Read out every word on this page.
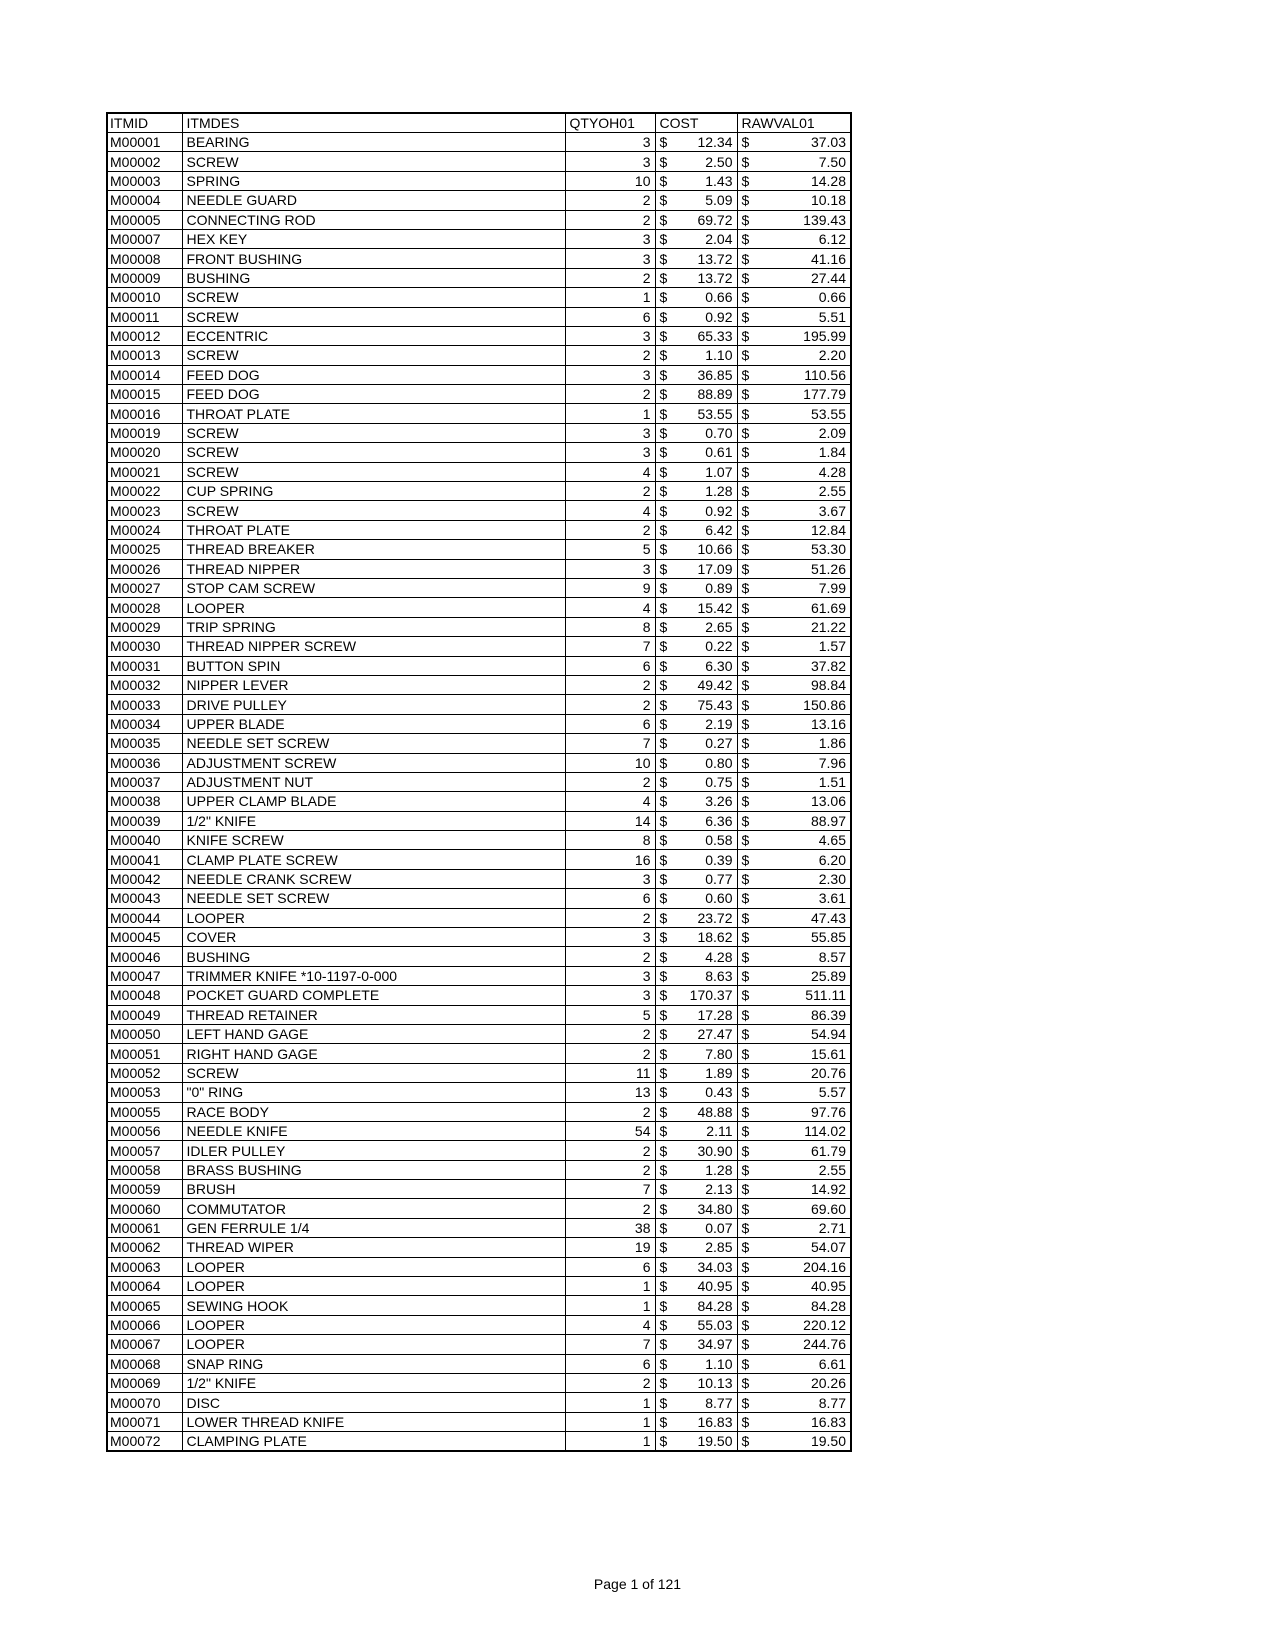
ITMID	ITMDES	QTYOH01	COST	RAWVAL01
M00001	BEARING	3	$ 12.34	$ 37.03

M00002	SCREW	3	$ 2.50	$ 7.50

M00003	SPRING	10	$ 1.43	$ 14.28

M00004	NEEDLE GUARD	2	$ 5.09	$ 10.18

M00005	CONNECTING ROD	2	$ 69.72	$ 139.43

M00007	HEX KEY	3	$ 2.04	$ 6.12

M00008	FRONT BUSHING	3	$ 13.72	$ 41.16

M00009	BUSHING	2	$ 13.72	$ 27.44

M00010	SCREW	1	$ 0.66	$ 0.66

M00011	SCREW	6	$ 0.92	$ 5.51

M00012	ECCENTRIC	3	$ 65.33	$ 195.99

M00013	SCREW	2	$ 1.10	$ 2.20

M00014	FEED DOG	3	$ 36.85	$ 110.56

M00015	FEED DOG	2	$ 88.89	$ 177.79

M00016	THROAT PLATE	1	$ 53.55	$ 53.55

M00019	SCREW	3	$ 0.70	$ 2.09

M00020	SCREW	3	$ 0.61	$ 1.84

M00021	SCREW	4	$ 1.07	$ 4.28

M00022	CUP SPRING	2	$ 1.28	$ 2.55

M00023	SCREW	4	$ 0.92	$ 3.67

M00024	THROAT PLATE	2	$ 6.42	$ 12.84

M00025	THREAD BREAKER	5	$ 10.66	$ 53.30

M00026	THREAD NIPPER	3	$ 17.09	$ 51.26

M00027	STOP CAM SCREW	9	$ 0.89	$ 7.99

M00028	LOOPER	4	$ 15.42	$ 61.69

M00029	TRIP SPRING	8	$ 2.65	$ 21.22

M00030	THREAD NIPPER SCREW	7	$ 0.22	$ 1.57

M00031	BUTTON SPIN	6	$ 6.30	$ 37.82

M00032	NIPPER LEVER	2	$ 49.42	$ 98.84

M00033	DRIVE PULLEY	2	$ 75.43	$ 150.86

M00034	UPPER BLADE	6	$ 2.19	$ 13.16

M00035	NEEDLE SET SCREW	7	$ 0.27	$ 1.86

M00036	ADJUSTMENT SCREW	10	$ 0.80	$ 7.96

M00037	ADJUSTMENT NUT	2	$ 0.75	$ 1.51

M00038	UPPER CLAMP BLADE	4	$ 3.26	$ 13.06

M00039	1/2" KNIFE	14	$ 6.36	$ 88.97

M00040	KNIFE SCREW	8	$ 0.58	$ 4.65

M00041	CLAMP PLATE SCREW	16	$ 0.39	$ 6.20

M00042	NEEDLE CRANK SCREW	3	$ 0.77	$ 2.30

M00043	NEEDLE SET SCREW	6	$ 0.60	$ 3.61

M00044	LOOPER	2	$ 23.72	$ 47.43

M00045	COVER	3	$ 18.62	$ 55.85

M00046	BUSHING	2	$ 4.28	$ 8.57

M00047	TRIMMER KNIFE *10-1197-0-000	3	$ 8.63	$ 25.89

M00048	POCKET GUARD COMPLETE	3	$ 170.37	$ 511.11

M00049	THREAD RETAINER	5	$ 17.28	$ 86.39

M00050	LEFT HAND GAGE	2	$ 27.47	$ 54.94

M00051	RIGHT HAND GAGE	2	$ 7.80	$ 15.61

M00052	SCREW	11	$ 1.89	$ 20.76

M00053	"0" RING	13	$ 0.43	$ 5.57

M00055	RACE BODY	2	$ 48.88	$ 97.76

M00056	NEEDLE KNIFE	54	$ 2.11	$ 114.02

M00057	IDLER PULLEY	2	$ 30.90	$ 61.79

M00058	BRASS BUSHING	2	$ 1.28	$ 2.55

M00059	BRUSH	7	$ 2.13	$ 14.92

M00060	COMMUTATOR	2	$ 34.80	$ 69.60

M00061	GEN FERRULE 1/4	38	$ 0.07	$ 2.71

M00062	THREAD WIPER	19	$ 2.85	$ 54.07

M00063	LOOPER	6	$ 34.03	$ 204.16

M00064	LOOPER	1	$ 40.95	$ 40.95

M00065	SEWING HOOK	1	$ 84.28	$ 84.28

M00066	LOOPER	4	$ 55.03	$ 220.12

M00067	LOOPER	7	$ 34.97	$ 244.76

M00068	SNAP RING	6	$ 1.10	$ 6.61

M00069	1/2" KNIFE	2	$ 10.13	$ 20.26

M00070	DISC	1	$ 8.77	$ 8.77

M00071	LOWER THREAD KNIFE	1	$ 16.83	$ 16.83

M00072	CLAMPING PLATE	1	$ 19.50	$ 19.50
Page 1 of 121
